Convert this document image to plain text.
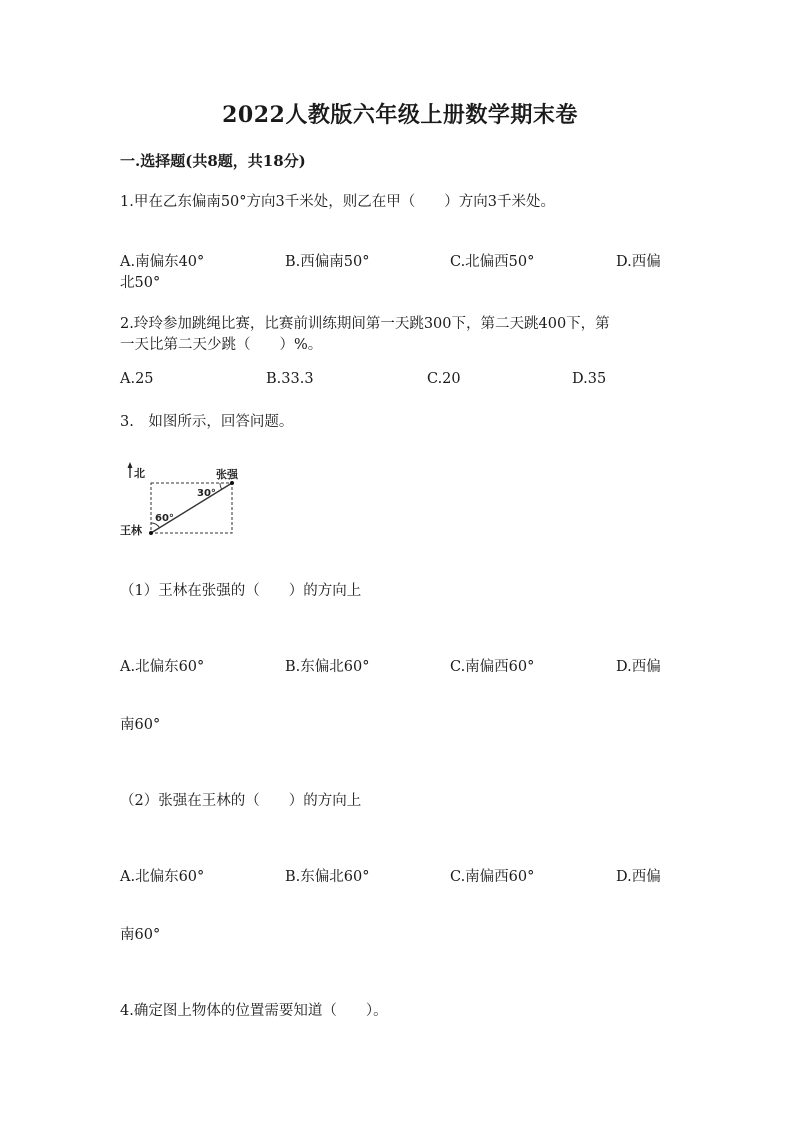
2022人教版六年级上册数学期末卷
一.选择题(共8题，共18分)
1.甲在乙东偏南50°方向3千米处，则乙在甲（　　）方向3千米处。
A.南偏东40°	B.西偏南50°	C.北偏西50°	D.西偏
北50°
2.玲玲参加跳绳比赛，比赛前训练期间第一天跳300下，第二天跳400下，第
一天比第二天少跳（　　）%。
A.25	B.33.3	C.20	D.35
3.　如图所示，回答问题。
北	张强
王林
30°
60°
（1）王林在张强的（　　）的方向上
A.北偏东60°	B.东偏北60°	C.南偏西60°	D.西偏
南60°
（2）张强在王林的（　　）的方向上
A.北偏东60°	B.东偏北60°	C.南偏西60°	D.西偏
南60°
4.确定图上物体的位置需要知道（　　）。
